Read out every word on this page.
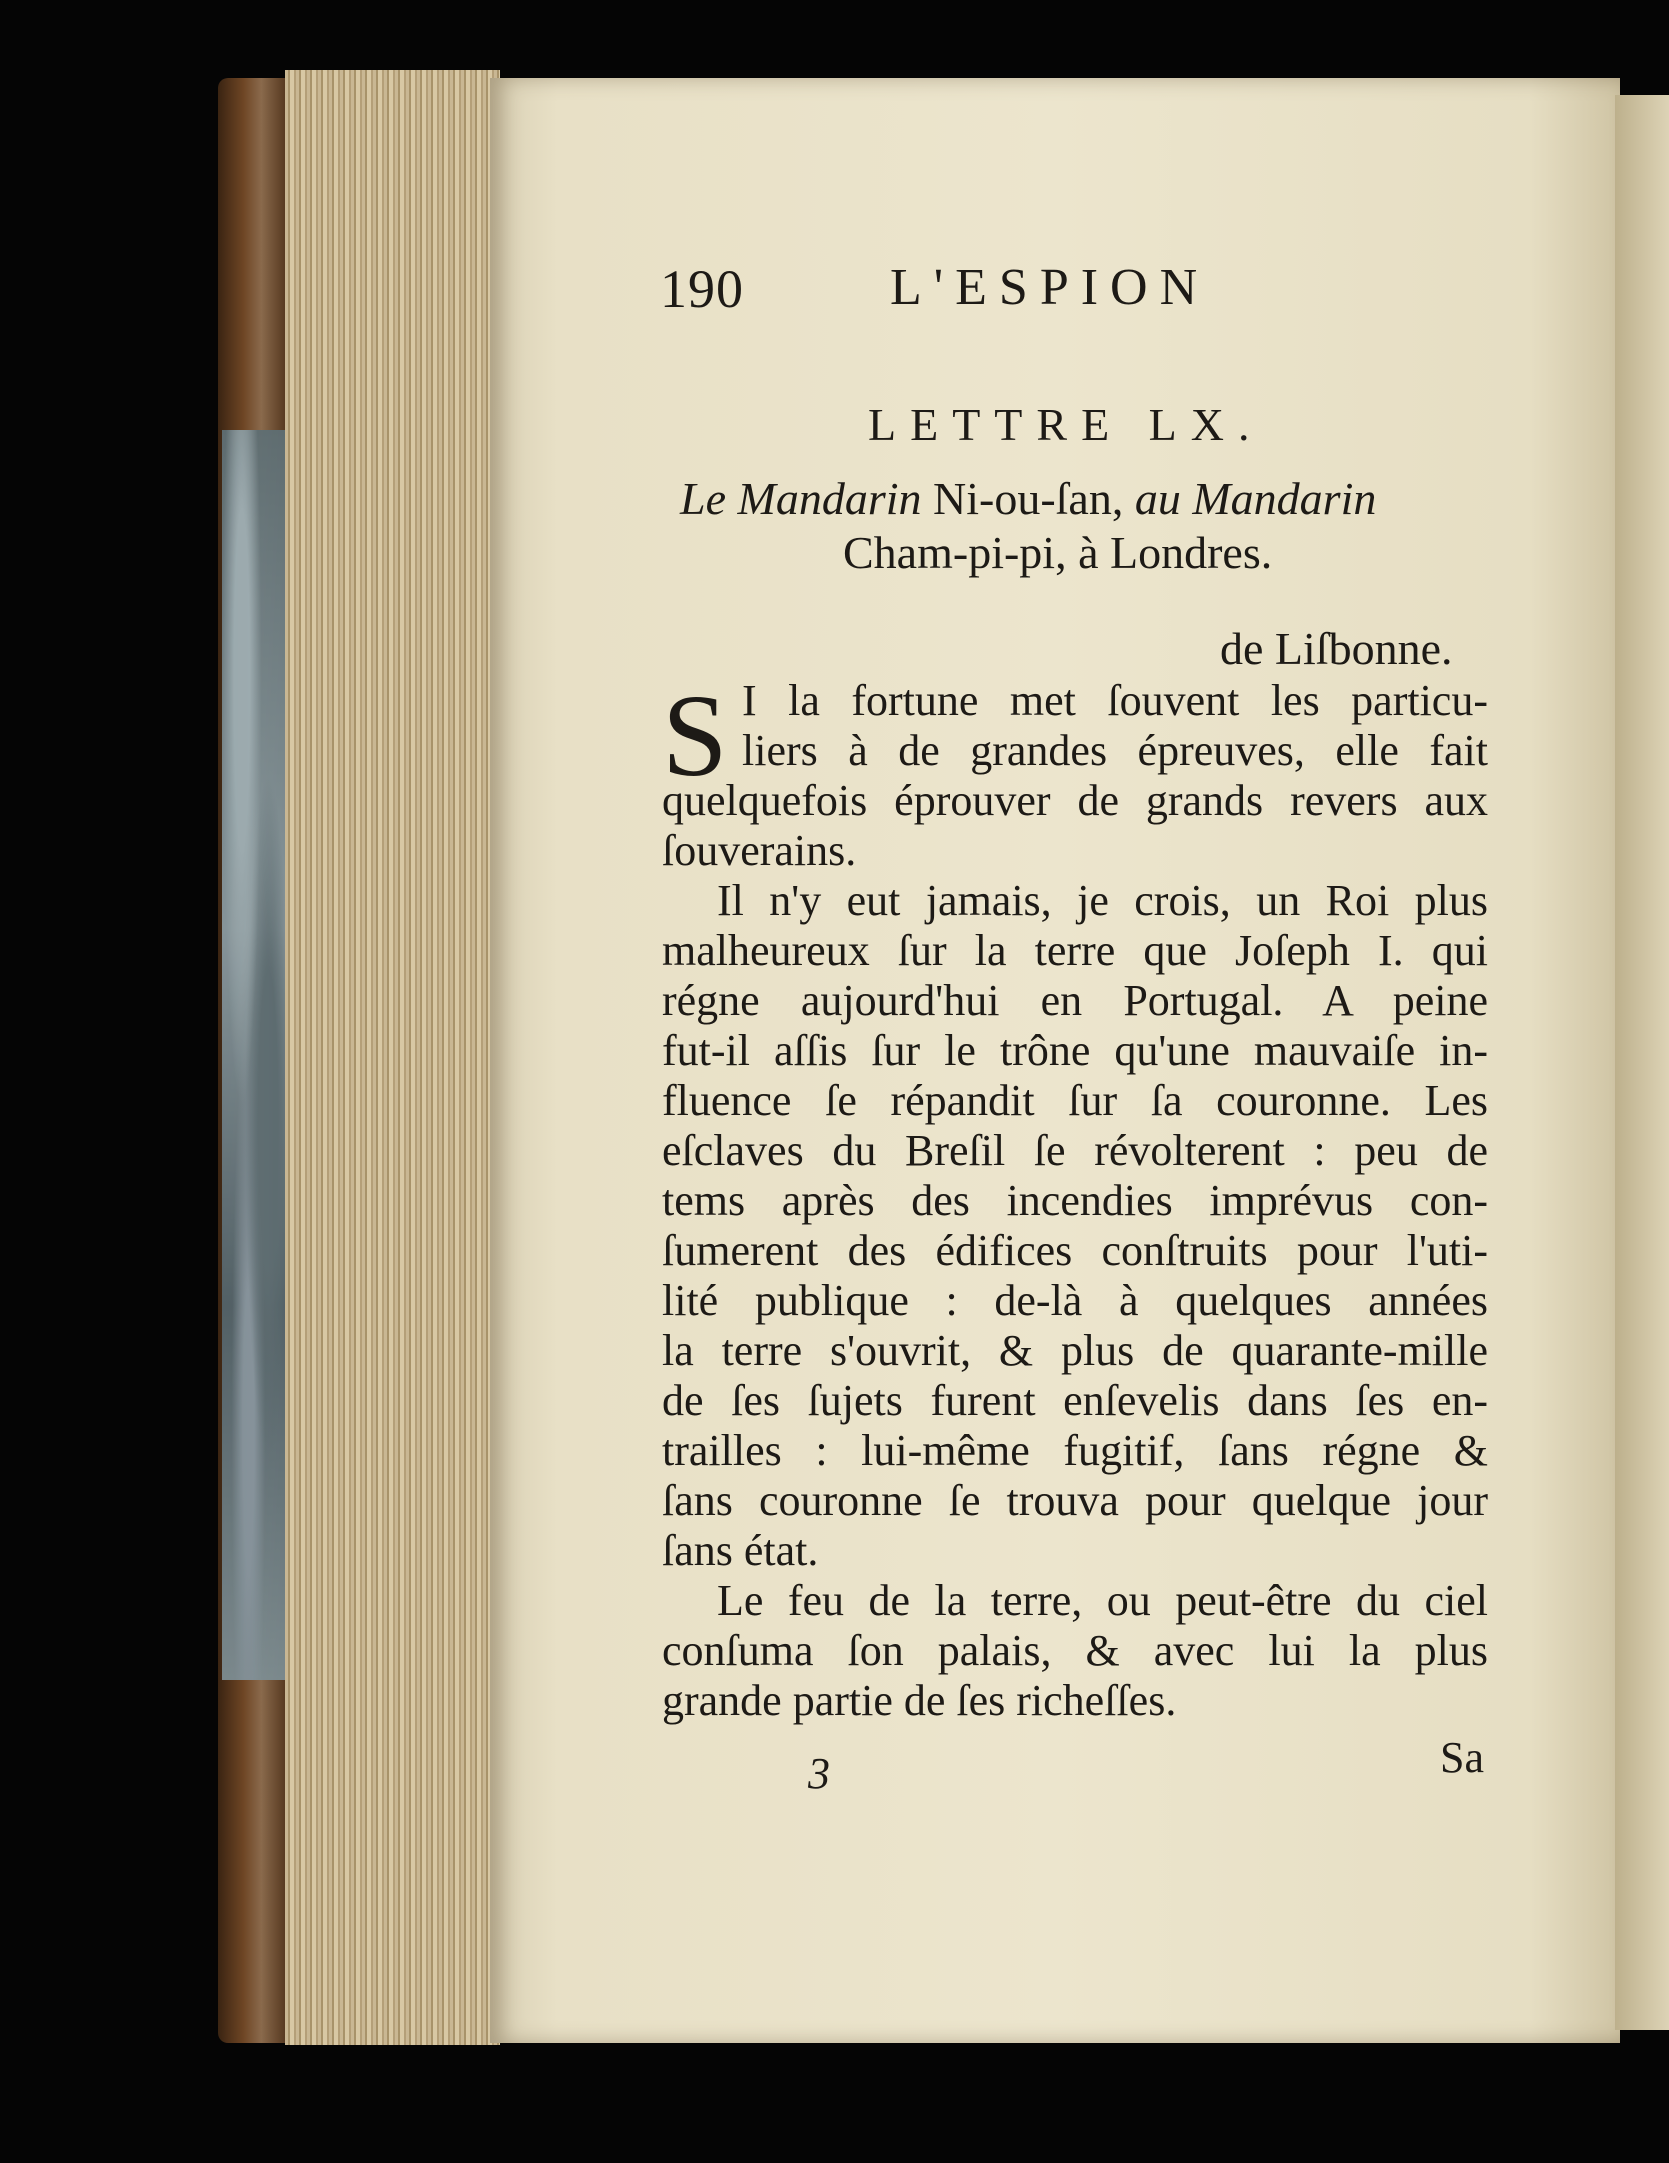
190	L'ESPION
LETTRE LX.
Le Mandarin Ni-ou-ſan, au Mandarin
Cham-pi-pi, à Londres.
de Liſbonne.
S I la fortune met ſouvent les particu-
liers à de grandes épreuves, elle fait
quelquefois éprouver de grands revers aux
ſouverains.
Il n'y eut jamais, je crois, un Roi plus
malheureux ſur la terre que Joſeph I. qui
régne aujourd'hui en Portugal. A peine
fut-il aſſis ſur le trône qu'une mauvaiſe in-
fluence ſe répandit ſur ſa couronne. Les
eſclaves du Breſil ſe révolterent : peu de
tems après des incendies imprévus con-
ſumerent des édifices conſtruits pour l'uti-
lité publique : de-là à quelques années
la terre s'ouvrit, & plus de quarante-mille
de ſes ſujets furent enſevelis dans ſes en-
trailles : lui-même fugitif, ſans régne &
ſans couronne ſe trouva pour quelque jour
ſans état.
Le feu de la terre, ou peut-être du ciel
conſuma ſon palais, & avec lui la plus
grande partie de ſes richeſſes.
3	Sa
